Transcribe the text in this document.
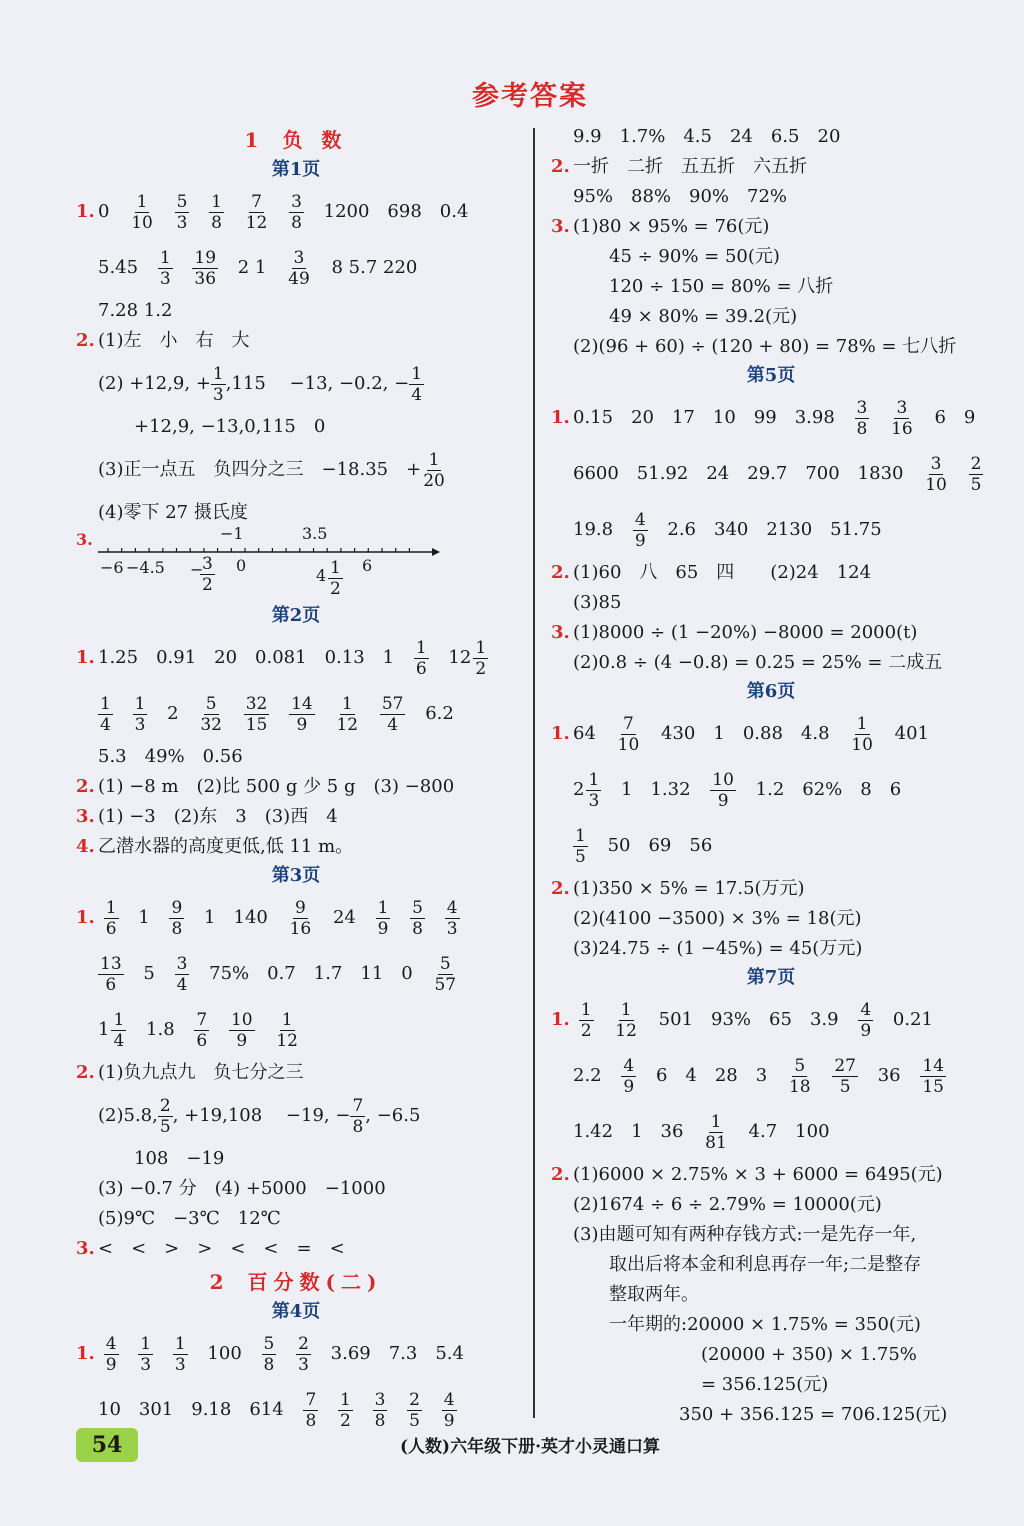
参考答案
1 负 数
第1页
1. $0 \frac{1}{10}$
$\frac{5}{3}$
$\frac{1}{8}$
$\frac{7}{12}$
$\frac{3}{8} 1200$　698　0.4
$5.45 \frac{1}{3}$
$\frac{19}{36} 2$ $1 \frac{3}{49} 8$ 5.7 220
7.28 1.2
2. (1)左　小　右　大
(2) +12,9, + $\frac{1}{3} ,115$　 −13, −0.2, − $\frac{1}{4}$
+12,9, −13,0,115　0
(3)正一点五　负四分之三　−18.35　+ $\frac{1}{20}$
(4)零下 27 摄氏度
3.	−1	3.5
−6 −4.5 −
$\frac{3}{2} 0$
$4 \frac{1}{2} 6$
第2页
1. 1.25　0.91　20　0.081　0.13　$1 \frac{1}{6}$
$12 \frac{1}{2}$
$\frac{1}{4}$
$\frac{1}{3} 2 \frac{5}{32}$
$\frac{32}{15}$
$\frac{14}{9}$
$\frac{1}{12}$
$\frac{57}{4} 6.2$
5.3　49%　0.56
2. (1) −8 m　(2)比 500 g 少 5 g　(3) −800
3. (1) −3　(2)东　3　(3)西　4
4. 乙潜水器的高度更低,低 11 m。
第3页
1. $\frac{1}{6} 1 \frac{9}{8} 1$　$140 \frac{9}{16} 24 \frac{1}{9}$
$\frac{5}{8}$
$\frac{4}{3}$
$\frac{13}{6} 5 \frac{3}{4} 75\%$　0.7　1.7　11　$0 \frac{5}{57}$
$1 \frac{1}{4} 1.8 \frac{7}{6}$
$\frac{10}{9}$
$\frac{1}{12}$
2. (1)负九点九　负七分之三
(2)5.8, $\frac{2}{5}$ , +19,108　 −19, − $\frac{7}{8}$ , −6.5
108　−19
(3) −0.7 分　(4) +5000　−1000
(5)9℃　−3℃　12℃
3. <　<　>　>　<　<　=　<
2 百分数(二)
第4页
1. $\frac{4}{9}$
$\frac{1}{3}$
$\frac{1}{3} 100 \frac{5}{8}$
$\frac{2}{3} 3.69$　7.3　5.4
10　301　9.18　$614 \frac{7}{8}$
$\frac{1}{2}$
$\frac{3}{8}$
$\frac{2}{5}$
$\frac{4}{9}$
9.9　1.7%　4.5　24　6.5　20
2. 一折　二折　五五折　六五折
95%　88%　90%　72%
3. (1)80 × 95% = 76(元)
45 ÷ 90% = 50(元)
120 ÷ 150 = 80% = 八折
49 × 80% = 39.2(元)
(2)(96 + 60) ÷ (120 + 80) = 78% = 七八折
第5页
1. 0.15　20　17　10　99　$3.98 \frac{3}{8}$
$\frac{3}{16} 6$　9
6600　51.92　24　29.7　700　$1830 \frac{3}{10}$
$\frac{2}{5}$
$19.8 \frac{4}{9} 2.6$　340　2130　51.75
2. (1)60　八　65　四　　(2)24　124
(3)85
3. (1)8000 ÷ (1 −20%) −8000 = 2000(t)
(2)0.8 ÷ (4 −0.8) = 0.25 = 25% = 二成五
第6页
1. $64 \frac{7}{10} 430$　1　0.88　$4.8 \frac{1}{10} 401$
$2 \frac{1}{3} 1$　$1.32 \frac{10}{9} 1.2$　62%　8　6
$\frac{1}{5} 50$　69　56
2. (1)350 × 5% = 17.5(万元)
(2)(4100 −3500) × 3% = 18(元)
(3)24.75 ÷ (1 −45%) = 45(万元)
第7页
1. $\frac{1}{2}$
$\frac{1}{12} 501$　93%　65　$3.9 \frac{4}{9} 0.21$
$2.2 \frac{4}{9} 6$　4　28　$3 \frac{5}{18}$
$\frac{27}{5} 36 \frac{14}{15}$
1.42　1　$36 \frac{1}{81} 4.7$　100
2. (1)6000 × 2.75% × 3 + 6000 = 6495(元)
(2)1674 ÷ 6 ÷ 2.79% = 10000(元)
(3)由题可知有两种存钱方式:一是先存一年,
取出后将本金和利息再存一年;二是整存
整取两年。
一年期的:20000 × 1.75% = 350(元)
(20000 + 350) × 1.75%
= 356.125(元)
350 + 356.125 = 706.125(元)
54	(人数)六年级下册·英才小灵通口算
